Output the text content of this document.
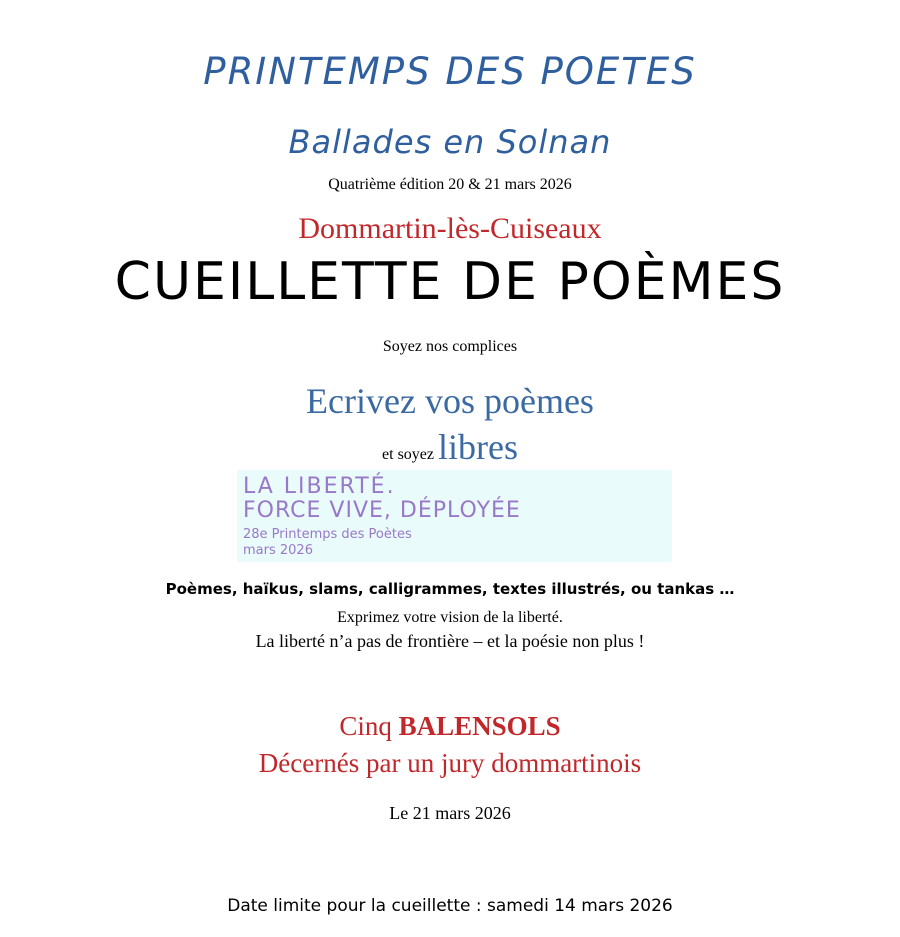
PRINTEMPS DES POETES
Ballades en Solnan
Quatrième édition 20 & 21 mars 2026
Dommartin-lès-Cuiseaux
CUEILLETTE DE POÈMES
Soyez nos complices
Ecrivez vos poèmes
et soyez libres
LA LIBERTÉ.
FORCE VIVE, DÉPLOYÉE
28e Printemps des Poètes
mars 2026
Poèmes, haïkus, slams, calligrammes, textes illustrés, ou tankas …
Exprimez votre vision de la liberté.
La liberté n’a pas de frontière – et la poésie non plus !
Cinq BALENSOLS
Décernés par un jury dommartinois
Le 21 mars 2026
Date limite pour la cueillette : samedi 14 mars 2026
